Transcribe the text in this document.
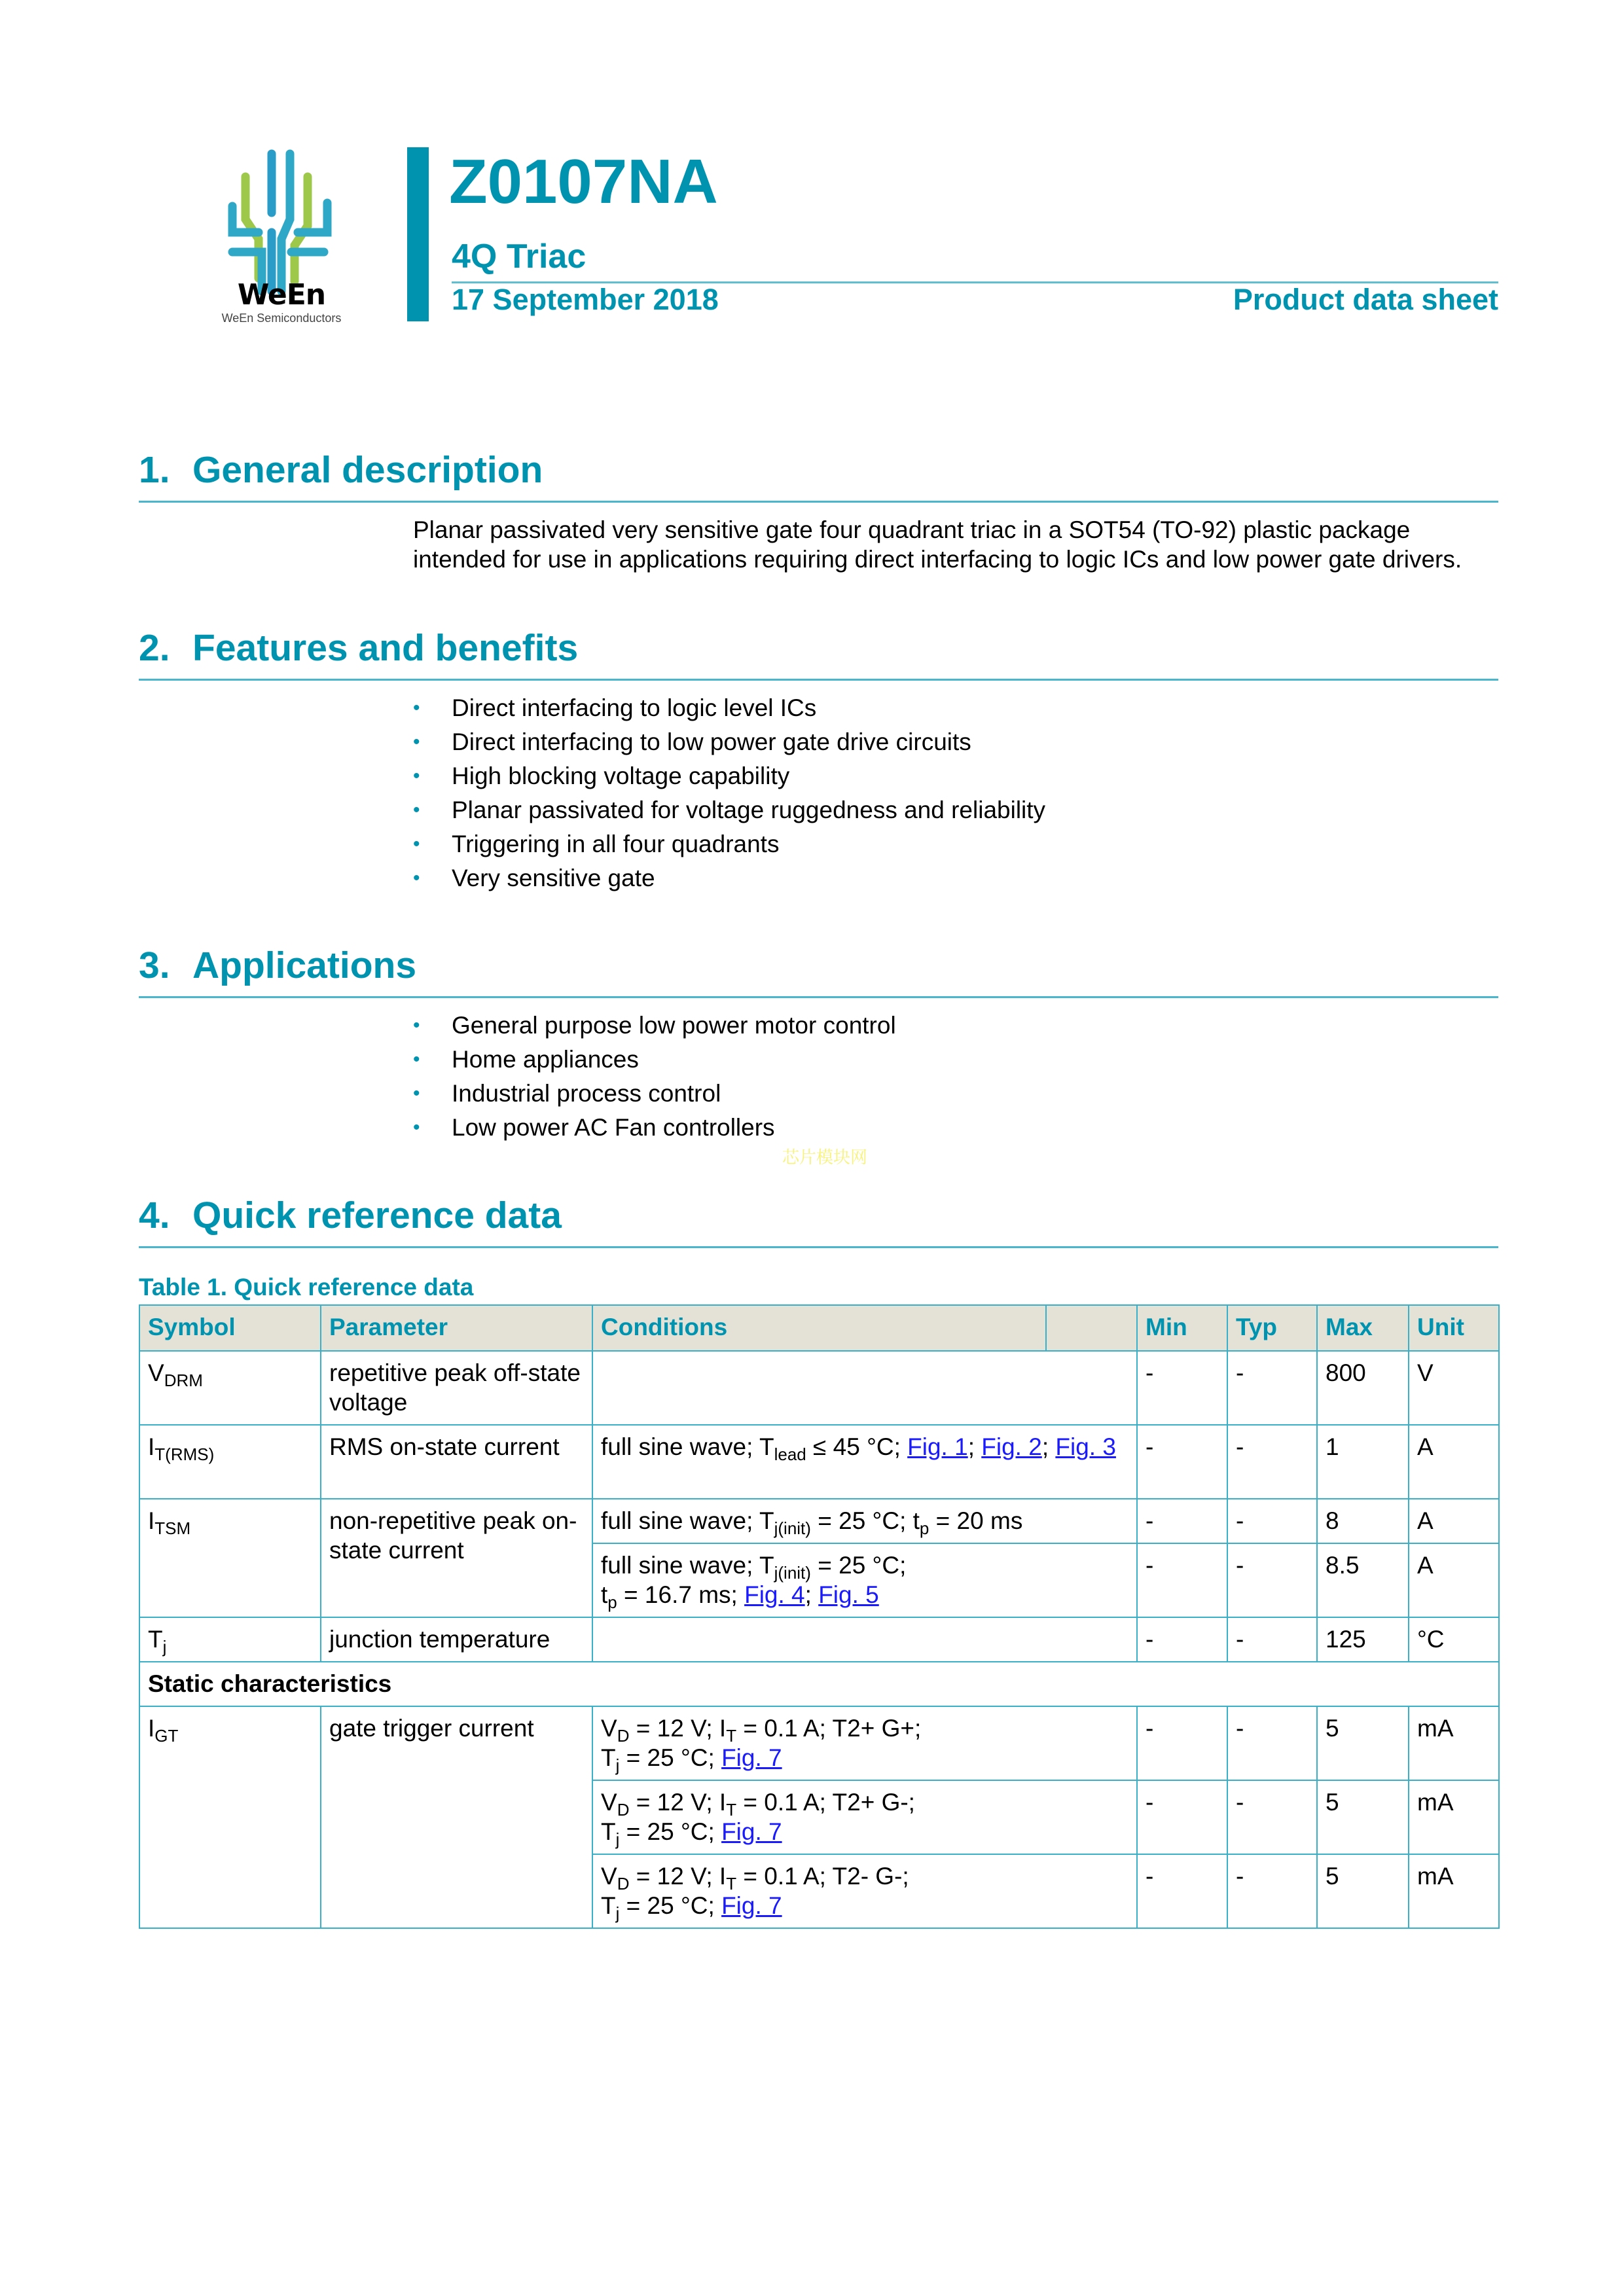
WeEn
WeEn Semiconductors
Z0107NA
4Q Triac
17 September 2018	Product data sheet
1. General description
Planar passivated very sensitive gate four quadrant triac in a SOT54 (TO-92) plastic package
intended for use in applications requiring direct interfacing to logic ICs and low power gate drivers.
2. Features and benefits
• Direct interfacing to logic level ICs
• Direct interfacing to low power gate drive circuits
• High blocking voltage capability
• Planar passivated for voltage ruggedness and reliability
• Triggering in all four quadrants
• Very sensitive gate
3. Applications
• General purpose low power motor control
• Home appliances
• Industrial process control
• Low power AC Fan controllers
芯片模块网
4. Quick reference data
Table 1. Quick reference data
Symbol	Parameter	Conditions		Min	Typ	Max	Unit
$V_{DRM}$	repetitive peak off-state voltage			-	-	800	V
$I_{T(RMS)}$	RMS on-state current	full sine wave; $T_{lead} \le 45$ °C; Fig. 1; Fig. 2; Fig. 3		-	-	1	A
$I_{TSM}$	non-repetitive peak on-state current	full sine wave; $T_{j(init)} = 25$ °C; $t_p = 20$ ms		-	-	8	A
		full sine wave; $T_{j(init)} = 25$ °C;
$t_p = 16.7$ ms; Fig. 4; Fig. 5		-	-	8.5	A
$T_j$	junction temperature			-	-	125	°C
Static characteristics							
$I_{GT}$	gate trigger current	$V_D = 12$ V; $I_T = 0.1$ A; T2+ G+;
$T_j = 25$ °C; Fig. 7		-	-	5	mA
		$V_D = 12$ V; $I_T = 0.1$ A; T2+ G-;
$T_j = 25$ °C; Fig. 7		-	-	5	mA
		$V_D = 12$ V; $I_T = 0.1$ A; T2- G-;
$T_j = 25$ °C; Fig. 7		-	-	5	mA
